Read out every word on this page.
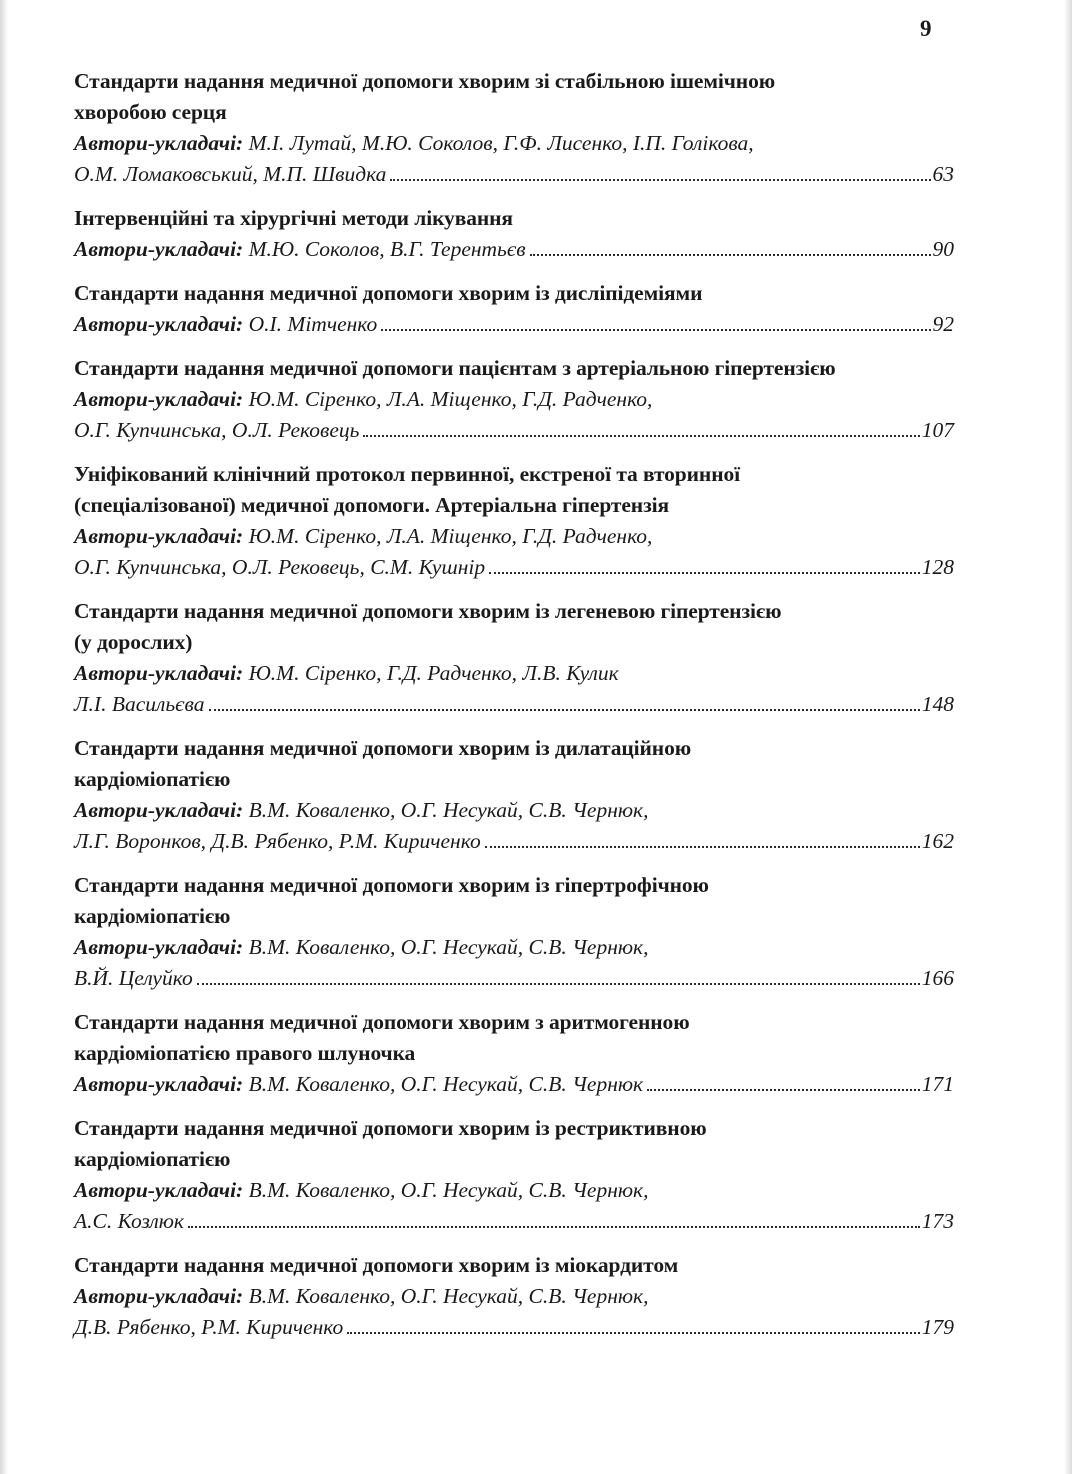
9
Стандарти надання медичної допомоги хворим зі стабільною ішемічною
хворобою серця
Автори-укладачі: М.І. Лутай, М.Ю. Соколов, Г.Ф. Лисенко, І.П. Голікова,
О.М. Ломаковський, М.П. Швидка	63
Інтервенційні та хірургічні методи лікування
Автори-укладачі: М.Ю. Соколов, В.Г. Терентьєв	90
Стандарти надання медичної допомоги хворим із дисліпідеміями
Автори-укладачі: О.І. Мітченко	92
Стандарти надання медичної допомоги пацієнтам з артеріальною гіпертензією
Автори-укладачі: Ю.М. Сіренко, Л.А. Міщенко, Г.Д. Радченко,
О.Г. Купчинська, О.Л. Рековець	107
Уніфікований клінічний протокол первинної, екстреної та вторинної
(спеціалізованої) медичної допомоги. Артеріальна гіпертензія
Автори-укладачі: Ю.М. Сіренко, Л.А. Міщенко, Г.Д. Радченко,
О.Г. Купчинська, О.Л. Рековець, С.М. Кушнір	128
Стандарти надання медичної допомоги хворим із легеневою гіпертензією
(у дорослих)
Автори-укладачі: Ю.М. Сіренко, Г.Д. Радченко, Л.В. Кулик
Л.І. Васильєва	148
Стандарти надання медичної допомоги хворим із дилатаційною
кардіоміопатією
Автори-укладачі: В.М. Коваленко, О.Г. Несукай, С.В. Чернюк,
Л.Г. Воронков, Д.В. Рябенко, Р.М. Кириченко	162
Стандарти надання медичної допомоги хворим із гіпертрофічною
кардіоміопатією
Автори-укладачі: В.М. Коваленко, О.Г. Несукай, С.В. Чернюк,
В.Й. Целуйко	166
Стандарти надання медичної допомоги хворим з аритмогенною
кардіоміопатією правого шлуночка
Автори-укладачі: В.М. Коваленко, О.Г. Несукай, С.В. Чернюк	171
Стандарти надання медичної допомоги хворим із рестриктивною
кардіоміопатією
Автори-укладачі: В.М. Коваленко, О.Г. Несукай, С.В. Чернюк,
А.С. Козлюк	173
Стандарти надання медичної допомоги хворим із міокардитом
Автори-укладачі: В.М. Коваленко, О.Г. Несукай, С.В. Чернюк,
Д.В. Рябенко, Р.М. Кириченко	179
